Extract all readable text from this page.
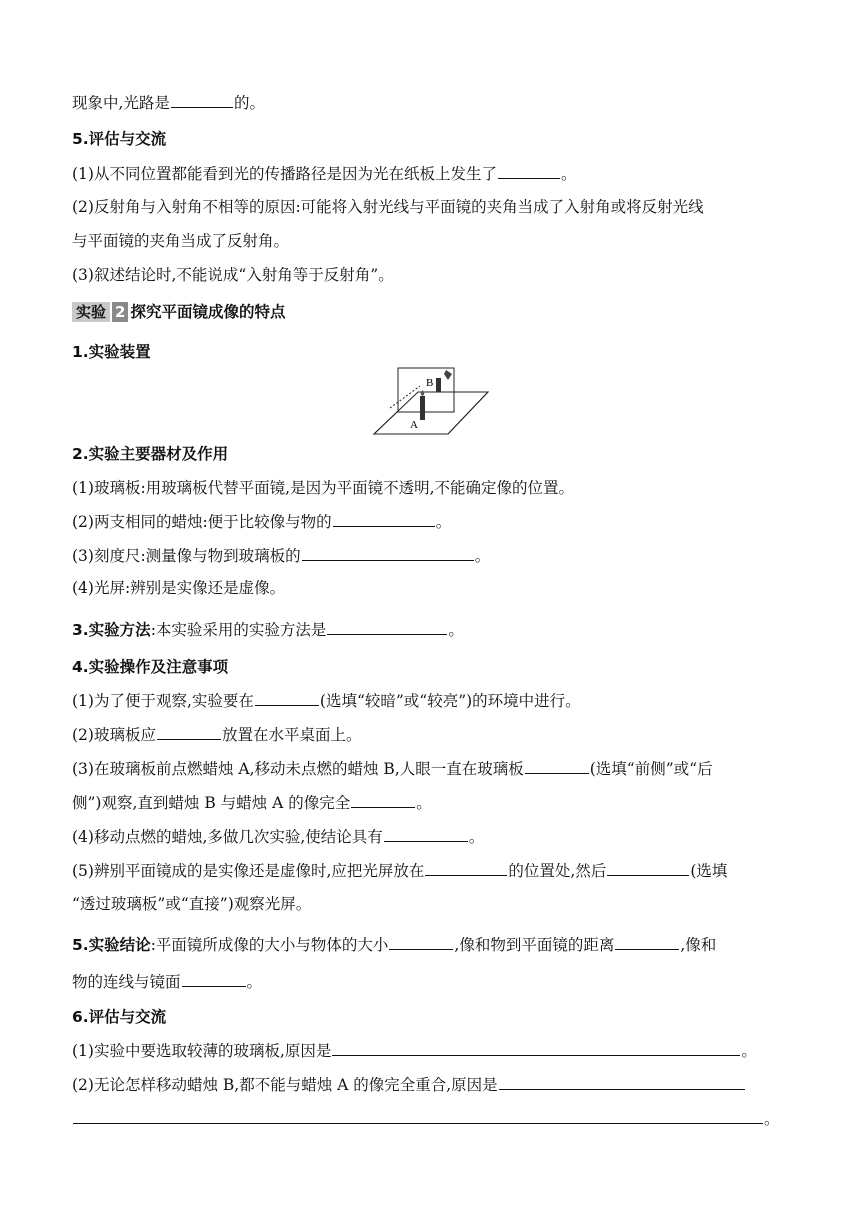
现象中,光路是	的。
5.评估与交流
(1)从不同位置都能看到光的传播路径是因为光在纸板上发生了	。
(2)反射角与入射角不相等的原因:可能将入射光线与平面镜的夹角当成了入射角或将反射光线
与平面镜的夹角当成了反射角。
(3)叙述结论时,不能说成“入射角等于反射角”。
实验 2 探究平面镜成像的特点
1.实验装置
A
B
2.实验主要器材及作用
(1)玻璃板:用玻璃板代替平面镜,是因为平面镜不透明,不能确定像的位置。
(2)两支相同的蜡烛:便于比较像与物的	。
(3)刻度尺:测量像与物到玻璃板的	。
(4)光屏:辨别是实像还是虚像。
3.实验方法:本实验采用的实验方法是	。
4.实验操作及注意事项
(1)为了便于观察,实验要在	(选填“较暗”或“较亮”)的环境中进行。
(2)玻璃板应	放置在水平桌面上。
(3)在玻璃板前点燃蜡烛 A,移动未点燃的蜡烛 B,人眼一直在玻璃板	(选填“前侧”或“后
侧”)观察,直到蜡烛 B 与蜡烛 A 的像完全	。
(4)移动点燃的蜡烛,多做几次实验,使结论具有	。
(5)辨别平面镜成的是实像还是虚像时,应把光屏放在	的位置处,然后	(选填
“透过玻璃板”或“直接”)观察光屏。
5.实验结论:平面镜所成像的大小与物体的大小	,像和物到平面镜的距离	,像和
物的连线与镜面	。
6.评估与交流
(1)实验中要选取较薄的玻璃板,原因是	。
(2)无论怎样移动蜡烛 B,都不能与蜡烛 A 的像完全重合,原因是
。
